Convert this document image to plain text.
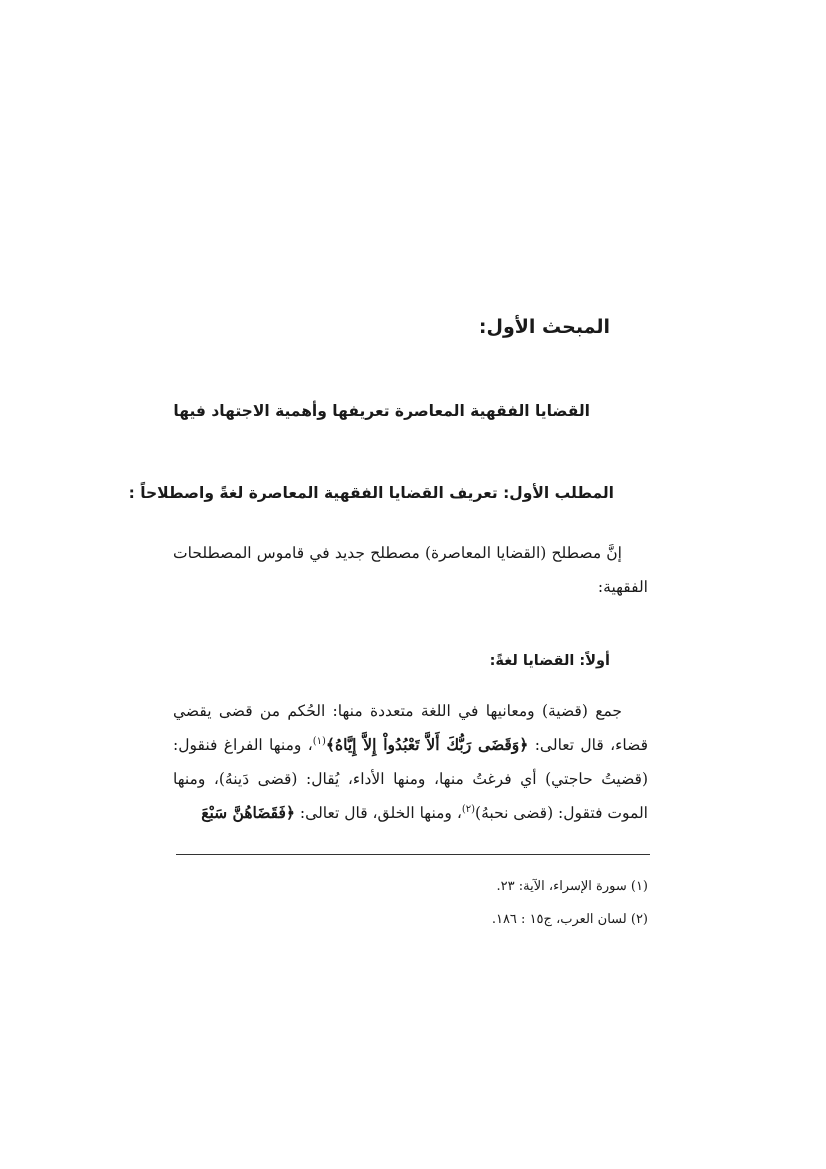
المبحث الأول:
القضايا الفقهية المعاصرة تعريفها وأهمية الاجتهاد فيها
المطلب الأول: تعريف القضايا الفقهية المعاصرة لغةً واصطلاحاً :

إنَّ مصطلح (القضايا المعاصرة) مصطلح جديد في قاموس المصطلحات الفقهية:

أولاً: القضايا لغةً:

جمع (قضية) ومعانيها في اللغة متعددة منها: الحُكم من قضى يقضي قضاء، قال تعالى: ﴿وَقَضَى رَبُّكَ أَلاَّ تَعْبُدُواْ إِلاَّ إِيَّاهُ﴾$^{(١)}$، ومنها الفراغ فنقول: (قضيتُ حاجتي) أي فرغتُ منها، ومنها الأداء، يُقال: (قضى دَينهُ)، ومنها الموت فتقول: (قضى نحبهُ)$^{(٢)}$، ومنها الخلق، قال تعالى: ﴿فَقَضَاهُنَّ سَبْعَ

(١) سورة الإسراء، الآية: ٢٣.
(٢) لسان العرب، ج١٥ : ١٨٦.
